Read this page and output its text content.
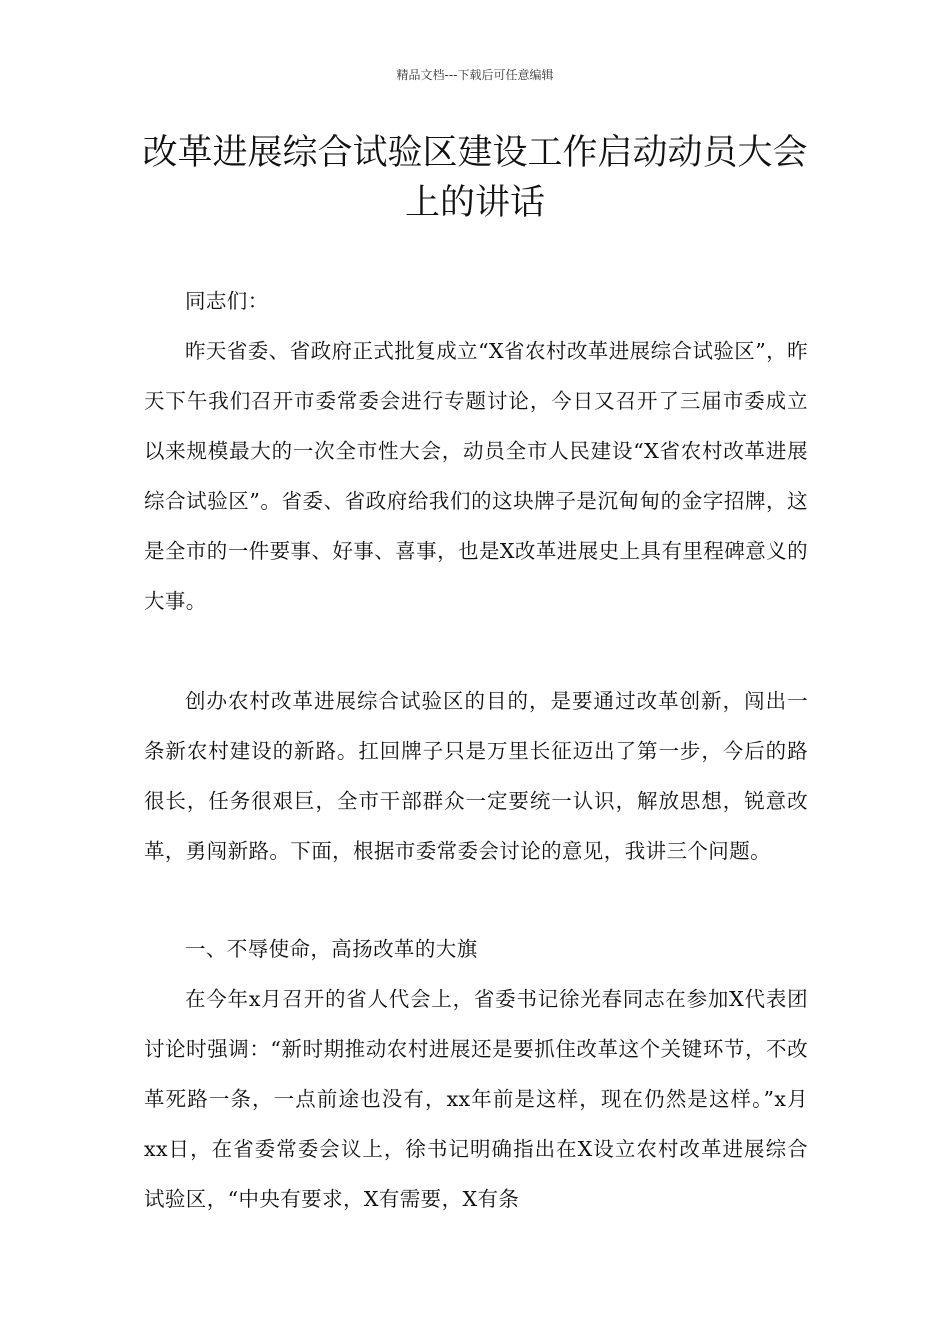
精品文档---下载后可任意编辑
改革进展综合试验区建设工作启动动员大会上的讲话

同志们：

昨天省委、省政府正式批复成立“X省农村改革进展综合试验区”，昨天下午我们召开市委常委会进行专题讨论，今日又召开了三届市委成立以来规模最大的一次全市性大会，动员全市人民建设“X省农村改革进展综合试验区”。省委、省政府给我们的这块牌子是沉甸甸的金字招牌，这是全市的一件要事、好事、喜事，也是X改革进展史上具有里程碑意义的大事。

创办农村改革进展综合试验区的目的，是要通过改革创新，闯出一条新农村建设的新路。扛回牌子只是万里长征迈出了第一步，今后的路很长，任务很艰巨，全市干部群众一定要统一认识，解放思想，锐意改革，勇闯新路。下面，根据市委常委会讨论的意见，我讲三个问题。

一、不辱使命，高扬改革的大旗

在今年x月召开的省人代会上，省委书记徐光春同志在参加X代表团讨论时强调：“新时期推动农村进展还是要抓住改革这个关键环节，不改革死路一条，一点前途也没有，xx年前是这样，现在仍然是这样。”x月xx日，在省委常委会议上，徐书记明确指出在X设立农村改革进展综合试验区，“中央有要求，X有需要，X有条
